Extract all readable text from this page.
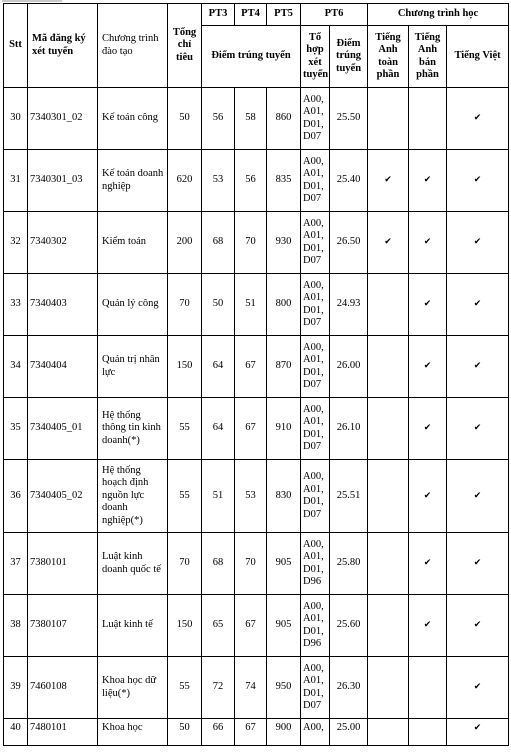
Stt	Mã đăng ký xét tuyển	Chương trình đào tạo	Tổng chỉ tiêu	PT3	PT4	PT5	PT6		Chương trình học		
				Điểm trúng tuyển			Tổ hợp xét tuyển	Điểm trúng tuyển	Tiếng Anh toàn phần	Tiếng Anh bán phần	Tiếng Việt
30	7340301_02	Kế toán công	50	56	58	860	A00, A01, D01, D07	25.50			✔
31	7340301_03	Kế toán doanh nghiệp	620	53	56	835	A00, A01, D01, D07	25.40	✔	✔	✔
32	7340302	Kiểm toán	200	68	70	930	A00, A01, D01, D07	26.50	✔	✔	✔
33	7340403	Quản lý công	70	50	51	800	A00, A01, D01, D07	24.93		✔	✔
34	7340404	Quản trị nhân lực	150	64	67	870	A00, A01, D01, D07	26.00		✔	✔
35	7340405_01	Hệ thống thông tin kinh doanh(*)	55	64	67	910	A00, A01, D01, D07	26.10		✔	✔
36	7340405_02	Hệ thống hoạch định nguồn lực doanh nghiệp(*)	55	51	53	830	A00, A01, D01, D07	25.51		✔	✔
37	7380101	Luật kinh doanh quốc tế	70	68	70	905	A00, A01, D01, D96	25.80		✔	✔
38	7380107	Luật kinh tế	150	65	67	905	A00, A01, D01, D96	25.60		✔	✔
39	7460108	Khoa học dữ liệu(*)	55	72	74	950	A00, A01, D01, D07	26.30			✔
40	7480101	Khoa học	50	66	67	900	A00,	25.00			✔
